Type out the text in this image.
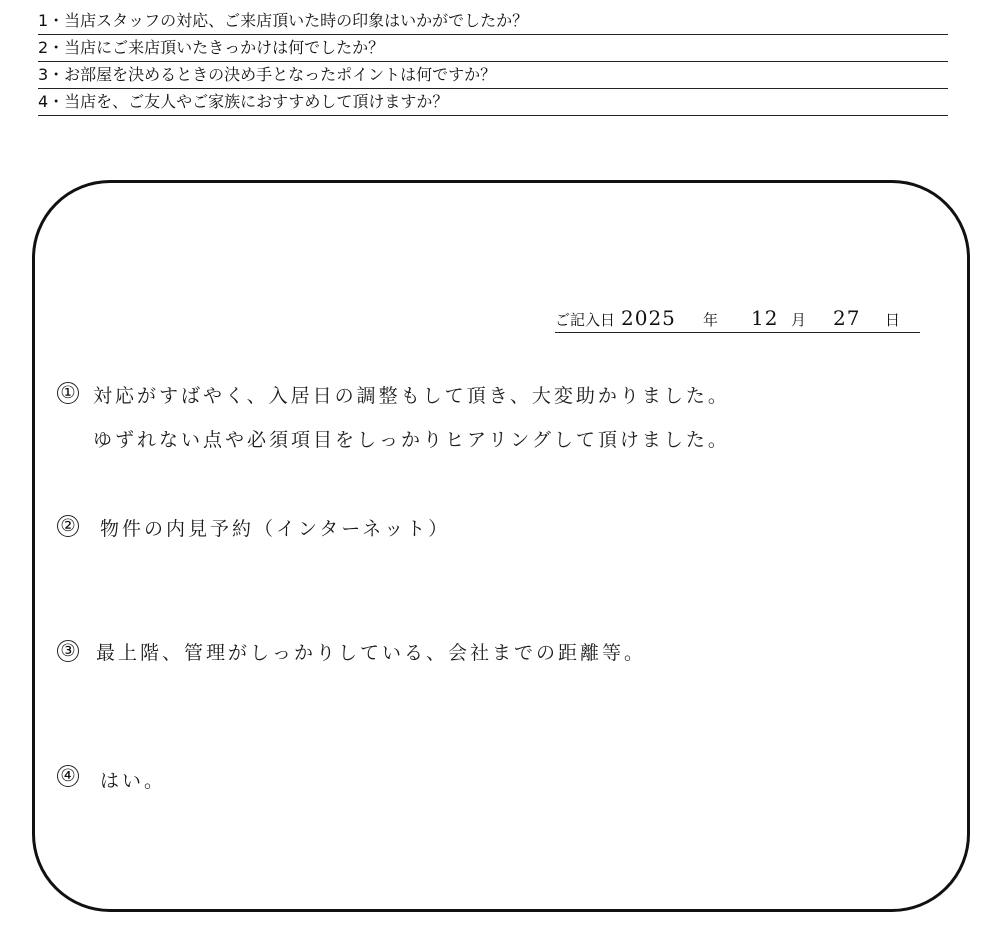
1・当店スタッフの対応、ご来店頂いた時の印象はいかがでしたか？
2・当店にご来店頂いたきっかけは何でしたか？
3・お部屋を決めるときの決め手となったポイントは何ですか？
4・当店を、ご友人やご家族におすすめして頂けますか？
ご記入日 2025 年 12 月 27 日
① 対応がすばやく、入居日の調整もして頂き、大変助かりました。
ゆずれない点や必須項目をしっかりヒアリングして頂けました。
② 物件の内見予約（インターネット）
③ 最上階、管理がしっかりしている、会社までの距離等。
④ はい。
